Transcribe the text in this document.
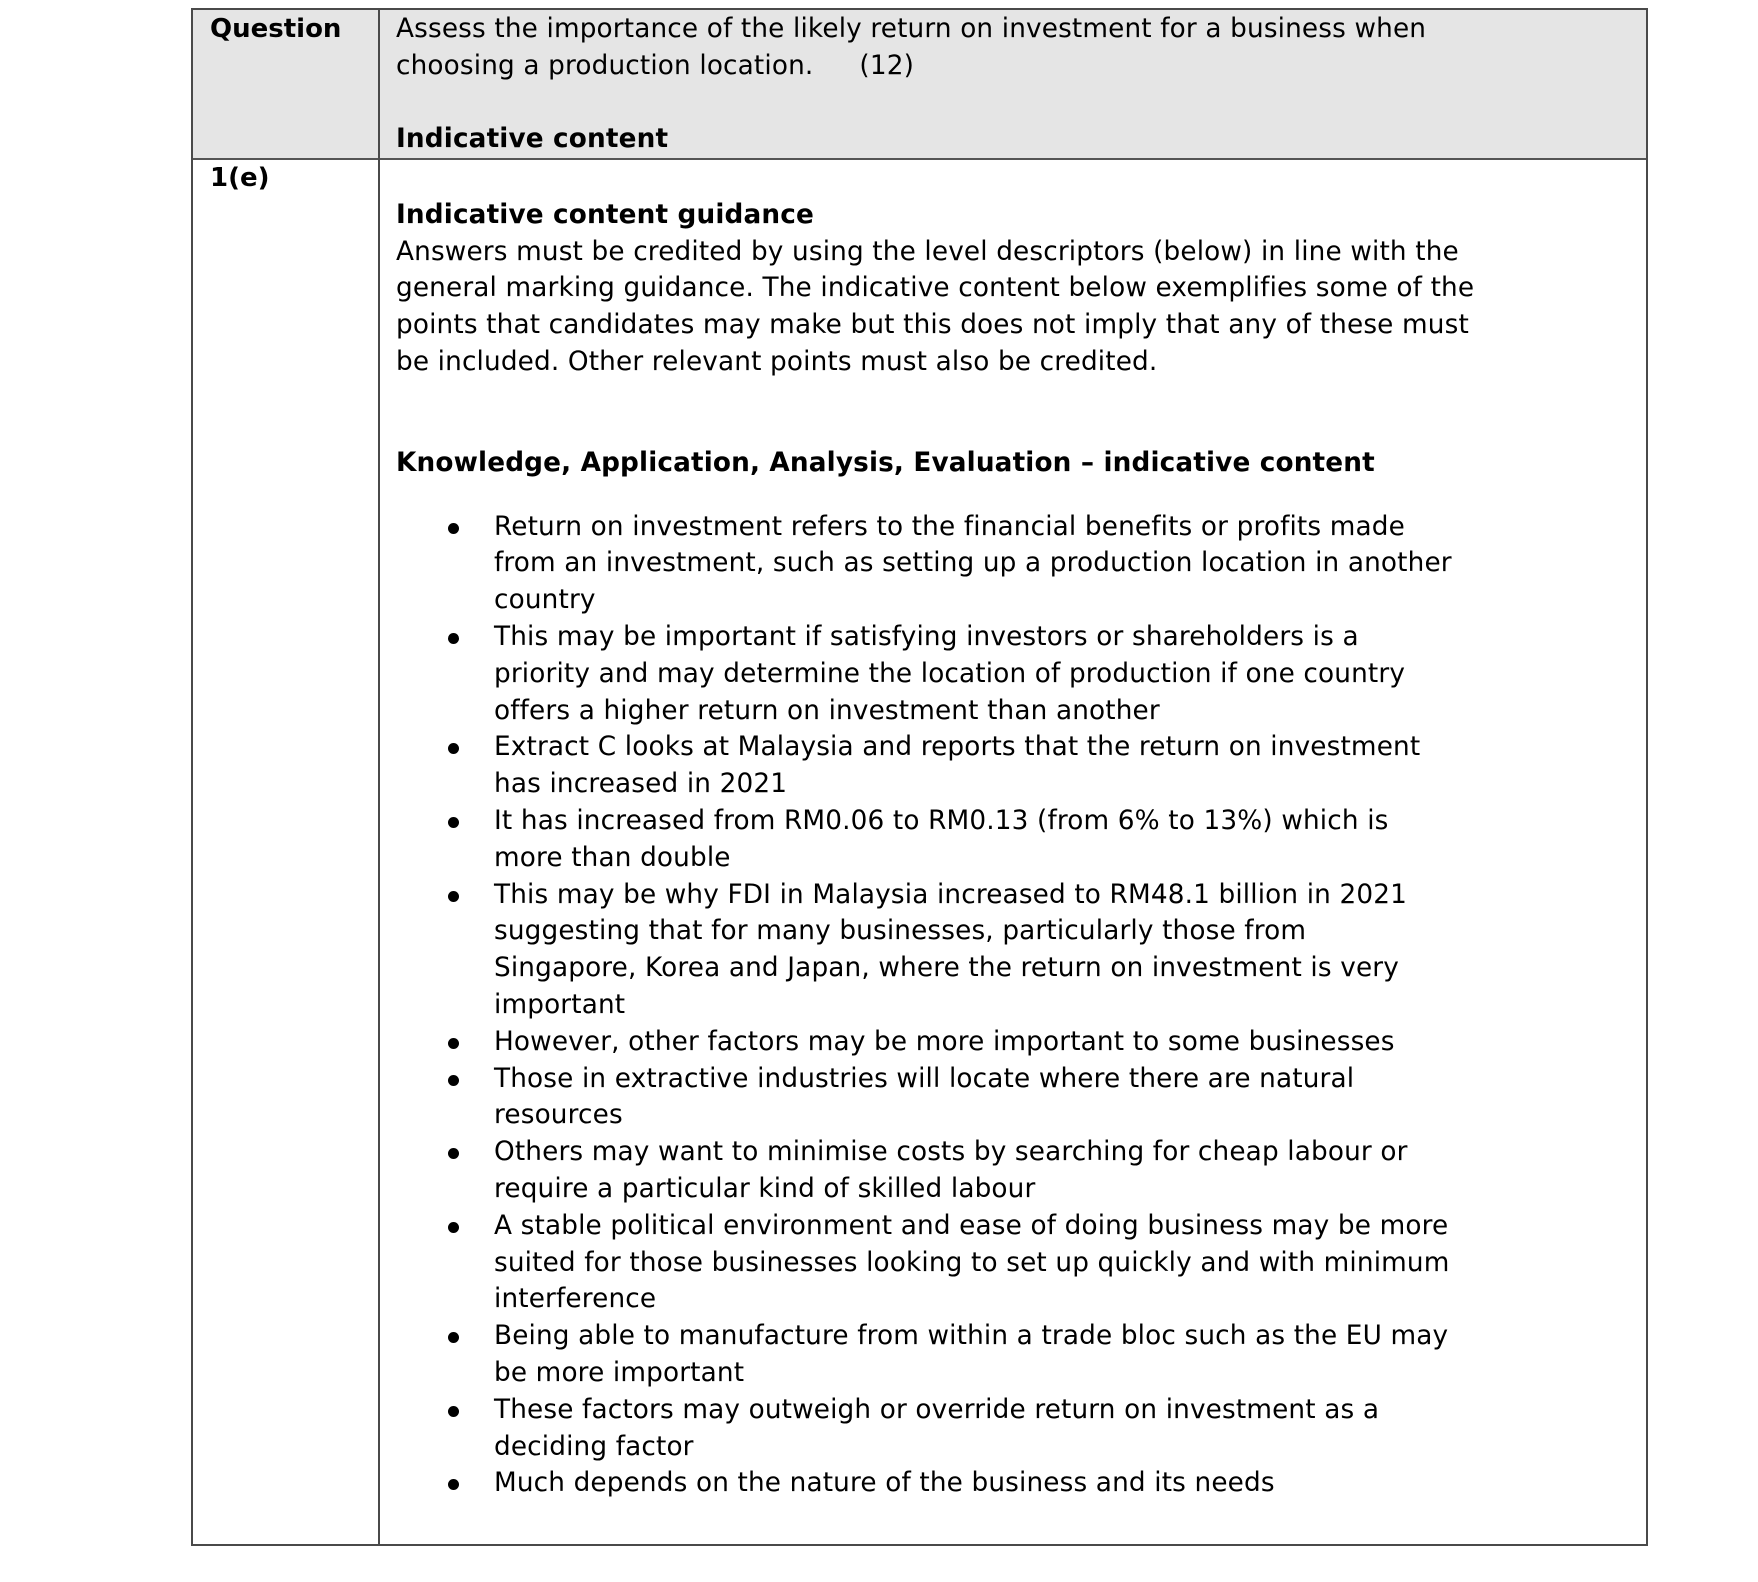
Question Assess the importance of the likely return on investment for a business when
choosing a production location. (12)
Indicative content
1(e)
Indicative content guidance
Answers must be credited by using the level descriptors (below) in line with the
general marking guidance. The indicative content below exemplifies some of the
points that candidates may make but this does not imply that any of these must
be included. Other relevant points must also be credited.
Knowledge, Application, Analysis, Evaluation – indicative content
Return on investment refers to the financial benefits or profits made
from an investment, such as setting up a production location in another
country
This may be important if satisfying investors or shareholders is a
priority and may determine the location of production if one country
offers a higher return on investment than another
Extract C looks at Malaysia and reports that the return on investment
has increased in 2021
It has increased from RM0.06 to RM0.13 (from 6% to 13%) which is
more than double
This may be why FDI in Malaysia increased to RM48.1 billion in 2021
suggesting that for many businesses, particularly those from
Singapore, Korea and Japan, where the return on investment is very
important
However, other factors may be more important to some businesses
Those in extractive industries will locate where there are natural
resources
Others may want to minimise costs by searching for cheap labour or
require a particular kind of skilled labour
A stable political environment and ease of doing business may be more
suited for those businesses looking to set up quickly and with minimum
interference
Being able to manufacture from within a trade bloc such as the EU may
be more important
These factors may outweigh or override return on investment as a
deciding factor
Much depends on the nature of the business and its needs
